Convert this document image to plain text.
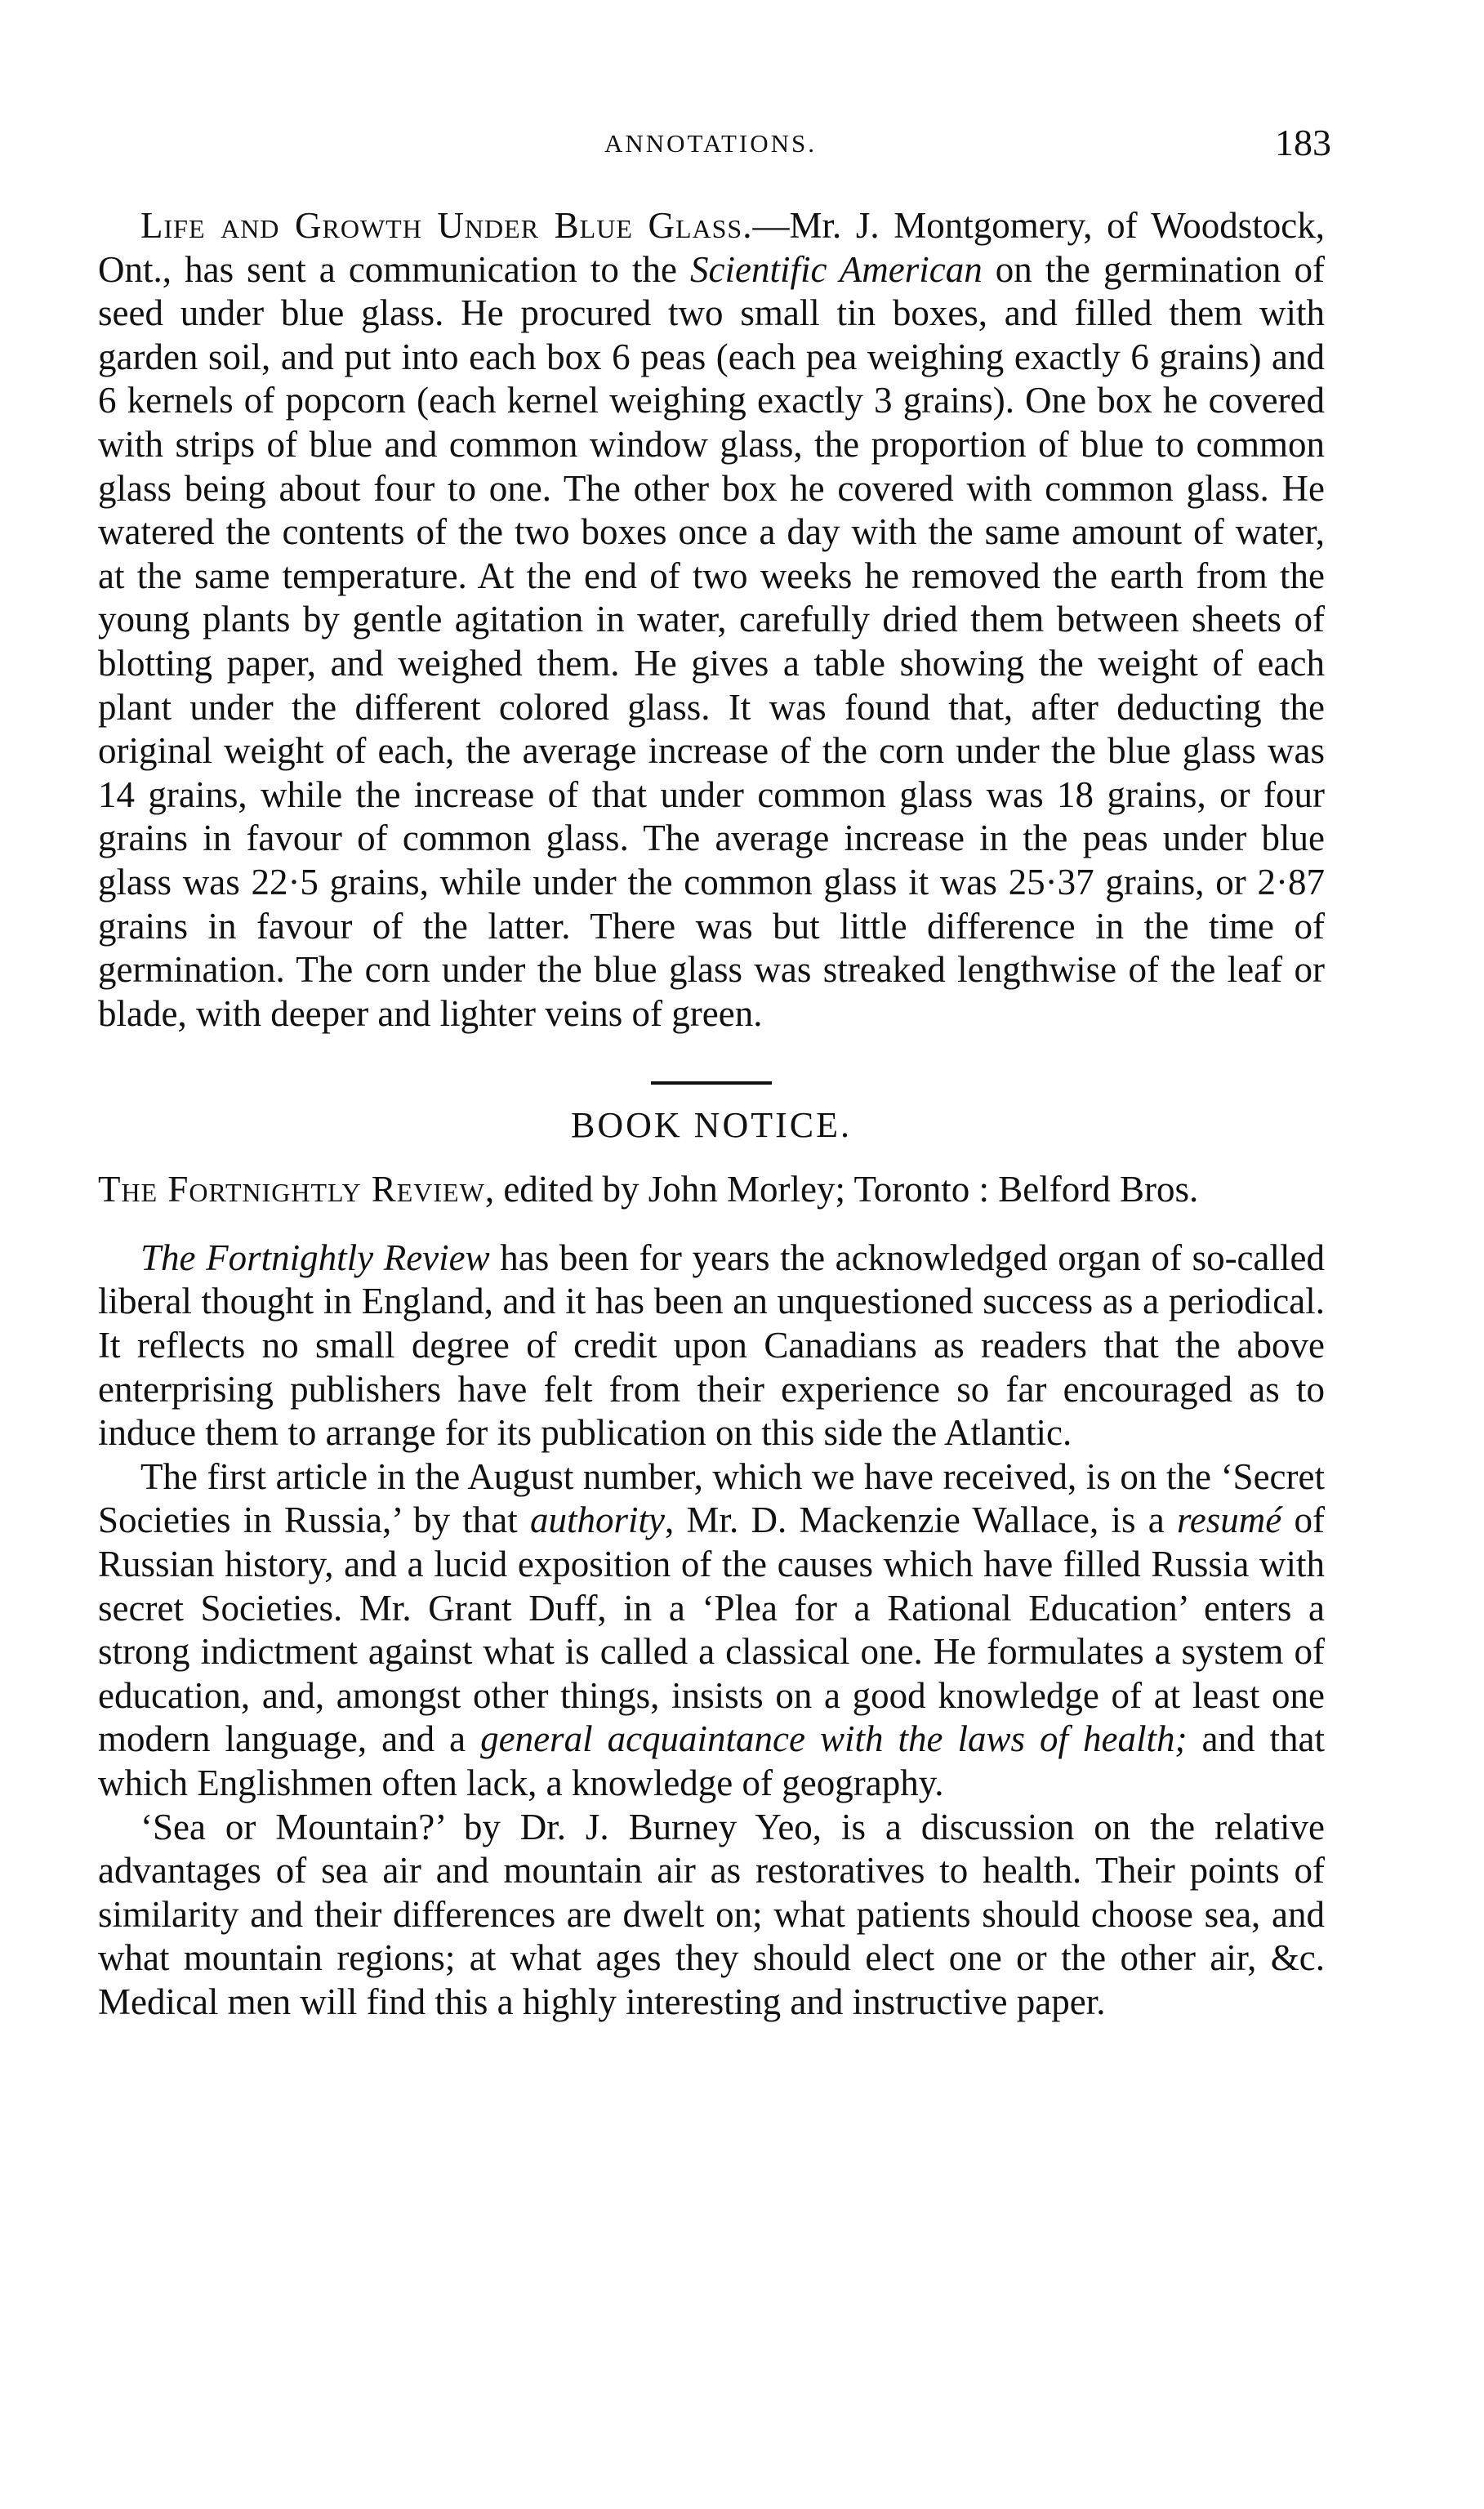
ANNOTATIONS.	183

Life and Growth Under Blue Glass.—Mr. J. Montgomery, of Woodstock, Ont., has sent a communication to the Scientific American on the germination of seed under blue glass. He procured two small tin boxes, and filled them with garden soil, and put into each box 6 peas (each pea weighing exactly 6 grains) and 6 kernels of popcorn (each kernel weighing exactly 3 grains). One box he covered with strips of blue and common window glass, the proportion of blue to common glass being about four to one. The other box he covered with common glass. He watered the contents of the two boxes once a day with the same amount of water, at the same temperature. At the end of two weeks he removed the earth from the young plants by gentle agitation in water, carefully dried them between sheets of blotting paper, and weighed them. He gives a table showing the weight of each plant under the different colored glass. It was found that, after deducting the original weight of each, the average increase of the corn under the blue glass was 14 grains, while the increase of that under common glass was 18 grains, or four grains in favour of common glass. The average increase in the peas under blue glass was 22·5 grains, while under the common glass it was 25·37 grains, or 2·87 grains in favour of the latter. There was but little difference in the time of germination. The corn under the blue glass was streaked lengthwise of the leaf or blade, with deeper and lighter veins of green.

BOOK NOTICE.

The Fortnightly Review, edited by John Morley; Toronto : Belford Bros.

The Fortnightly Review has been for years the acknowledged organ of so-called liberal thought in England, and it has been an unquestioned success as a periodical. It reflects no small degree of credit upon Canadians as readers that the above enterprising publishers have felt from their experience so far encouraged as to induce them to arrange for its publication on this side the Atlantic.

The first article in the August number, which we have received, is on the ‘Secret Societies in Russia,’ by that authority, Mr. D. Mackenzie Wallace, is a resumé of Russian history, and a lucid exposition of the causes which have filled Russia with secret Societies. Mr. Grant Duff, in a ‘Plea for a Rational Education’ enters a strong indictment against what is called a classical one. He formulates a system of education, and, amongst other things, insists on a good knowledge of at least one modern language, and a general acquaintance with the laws of health; and that which Englishmen often lack, a knowledge of geography.

‘Sea or Mountain?’ by Dr. J. Burney Yeo, is a discussion on the relative advantages of sea air and mountain air as restoratives to health. Their points of similarity and their differences are dwelt on; what patients should choose sea, and what mountain regions; at what ages they should elect one or the other air, &c. Medical men will find this a highly interesting and instructive paper.
